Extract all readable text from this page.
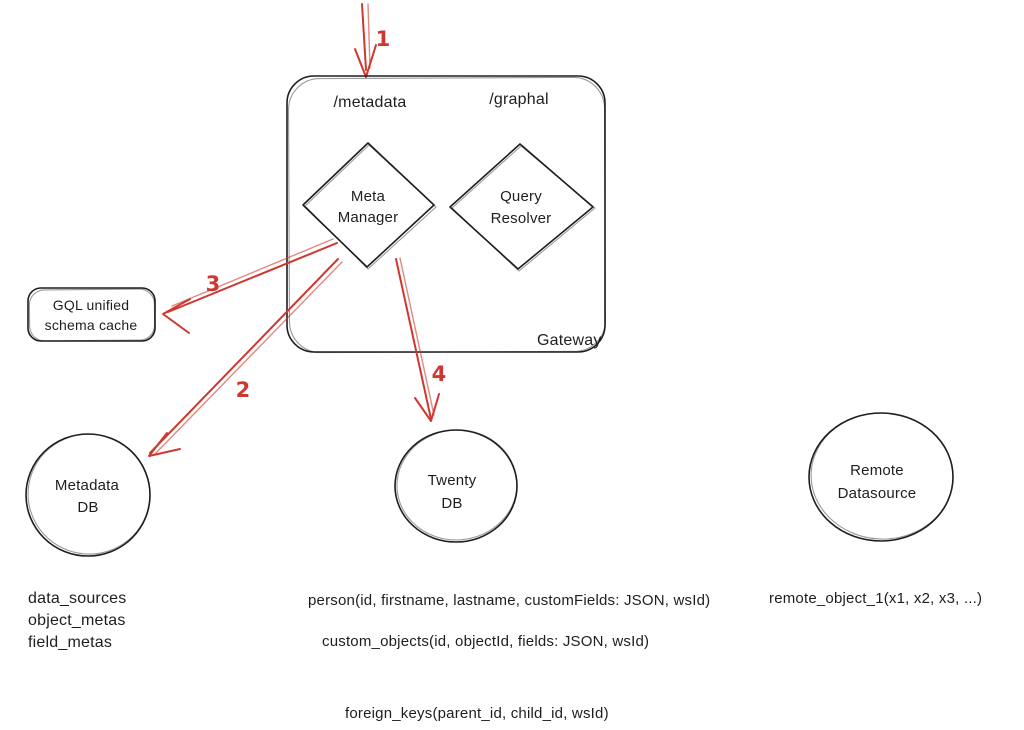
1
/metadata	/graphal
Gateway
Meta
Manager
Query
Resolver
3
2
4
GQL unified
schema cache
Metadata
DB
Twenty
DB
Remote
Datasource
data_sources
object_metas
field_metas
person(id, firstname, lastname, customFields: JSON, wsId)
custom_objects(id, objectId, fields: JSON, wsId)
foreign_keys(parent_id, child_id, wsId)
remote_object_1(x1, x2, x3, ...)
